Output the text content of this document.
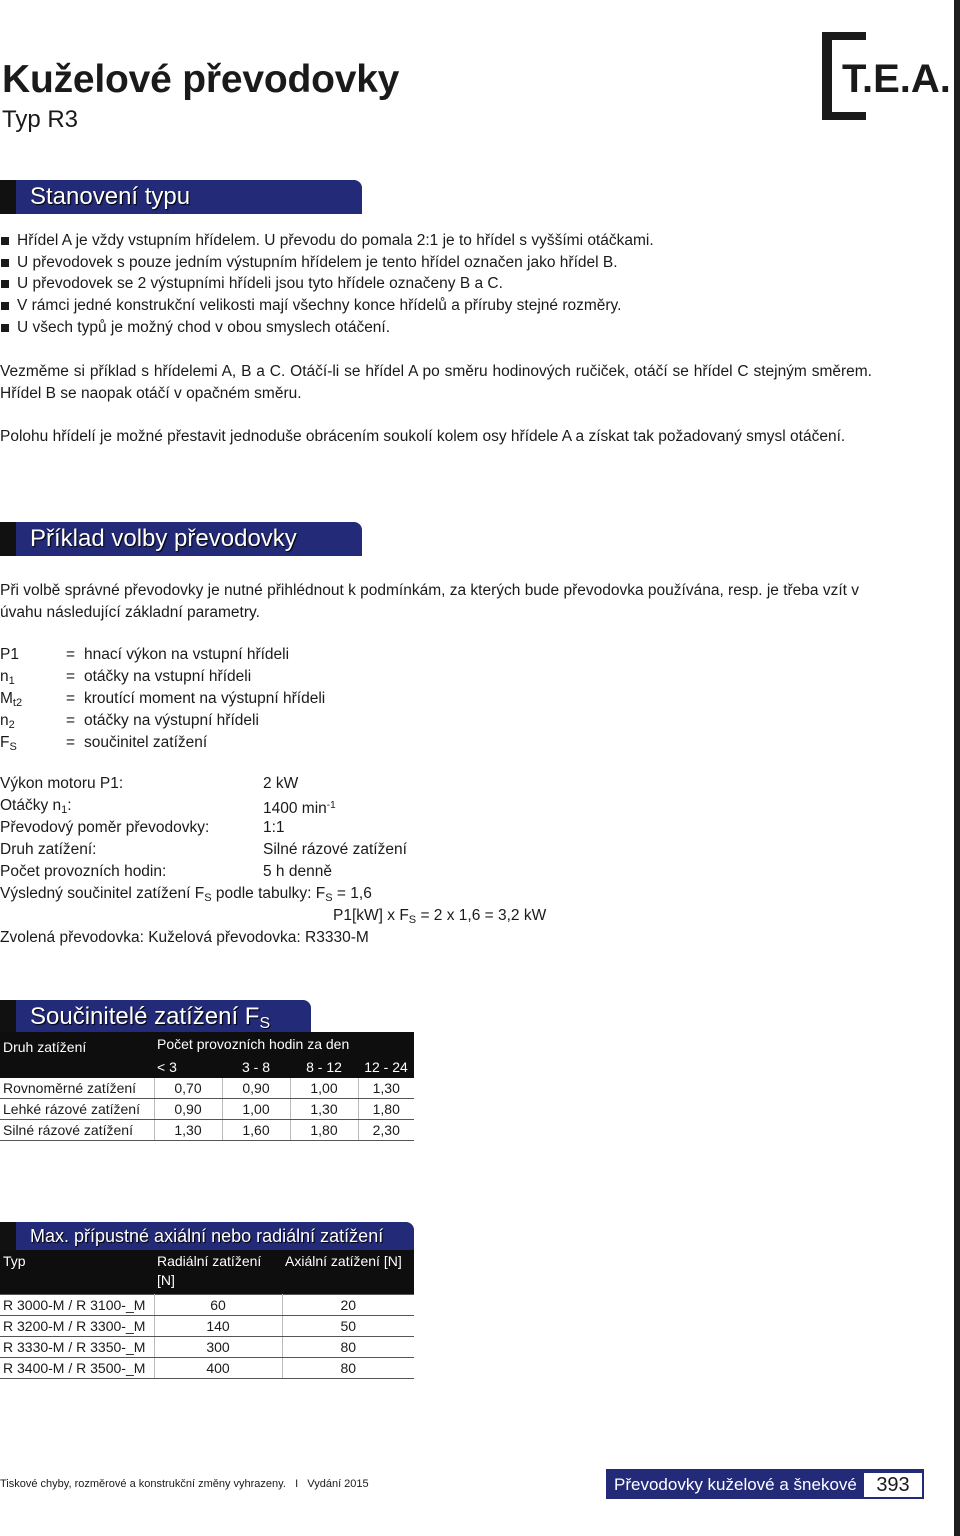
Kuželové převodovky
Typ R3
T.E.A.
Stanovení typu
Hřídel A je vždy vstupním hřídelem. U převodu do pomala 2:1 je to hřídel s vyššími otáčkami.
U převodovek s pouze jedním výstupním hřídelem je tento hřídel označen jako hřídel B.
U převodovek se 2 výstupními hřídeli jsou tyto hřídele označeny B a C.
V rámci jedné konstrukční velikosti mají všechny konce hřídelů a příruby stejné rozměry.
U všech typů je možný chod v obou smyslech otáčení.
Vezměme si příklad s hřídelemi A, B a C. Otáčí-li se hřídel A po směru hodinových ručiček, otáčí se hřídel C stejným směrem. Hřídel B se naopak otáčí v opačném směru.
Polohu hřídelí je možné přestavit jednoduše obrácením soukolí kolem osy hřídele A a získat tak požadovaný smysl otáčení.
Příklad volby převodovky
Při volbě správné převodovky je nutné přihlédnout k podmínkám, za kterých bude převodovka používána, resp. je třeba vzít v úvahu následující základní parametry.
P1	= hnací výkon na vstupní hřídeli
$n_1$	= otáčky na vstupní hřídeli
$M_{t2}$	= kroutící moment na výstupní hřídeli
$n_2$	= otáčky na výstupní hřídeli
$F_S$	= součinitel zatížení
Výkon motoru P1:	2 kW
Otáčky $n_1$:	1400 $\min^{-1}$
Převodový poměr převodovky:	1:1
Druh zatížení:	Silné rázové zatížení
Počet provozních hodin:	5 h denně
Výsledný součinitel zatížení $F_S$ podle tabulky: $F_S = 1,6$
P1[kW] x $F_S = 2$ x 1,6 = 3,2 kW
Zvolená převodovka: Kuželová převodovka: R3330-M
Součinitelé zatížení $F_S$
Druh zatížení	Počet provozních hodin za den			
	< 3	3 - 8	8 - 12	12 - 24
Rovnoměrné zatížení	0,70	0,90	1,00	1,30
Lehké rázové zatížení	0,90	1,00	1,30	1,80
Silné rázové zatížení	1,30	1,60	1,80	2,30
Max. přípustné axiální nebo radiální zatížení
Typ	Radiální zatížení [N]	Axiální zatížení [N]
R 3000-M / R 3100-_M	60	20
R 3200-M / R 3300-_M	140	50
R 3330-M / R 3350-_M	300	80
R 3400-M / R 3500-_M	400	80
Tiskové chyby, rozměrové a konstrukční změny vyhrazeny.   I   Vydání 2015	Převodovky kuželové a šnekové 393
